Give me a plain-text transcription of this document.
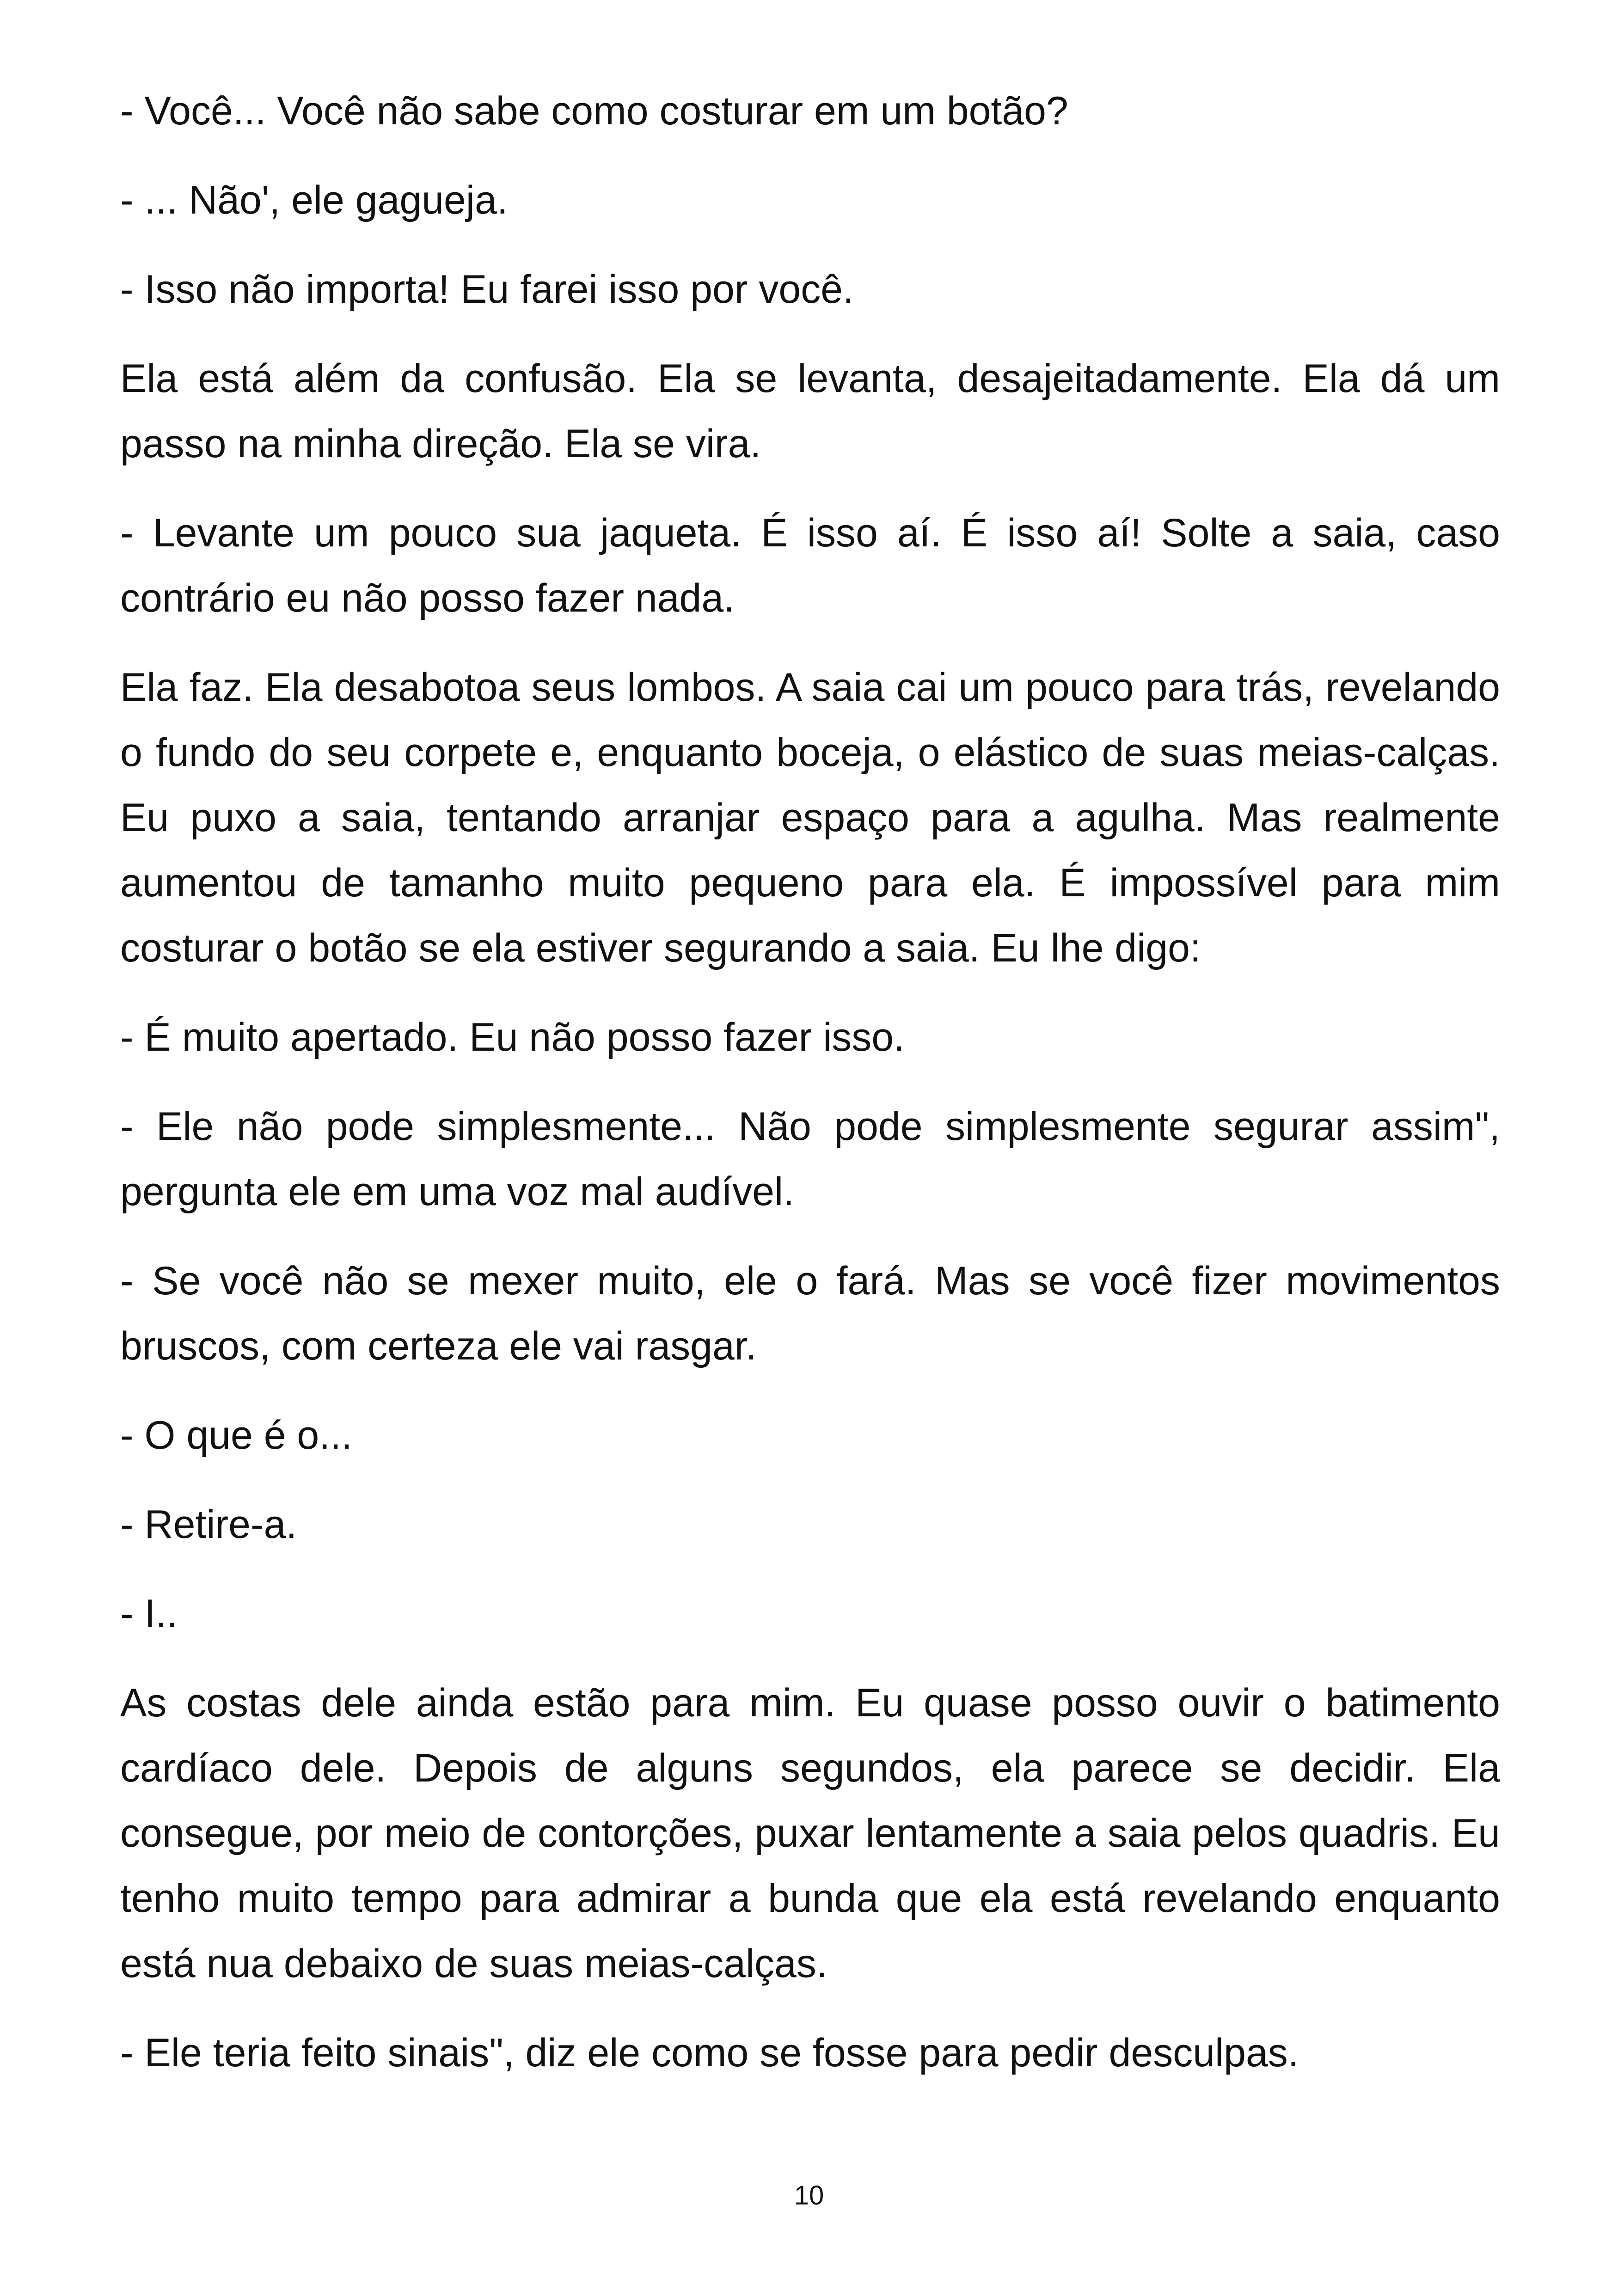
- Você... Você não sabe como costurar em um botão?

- ... Não', ele gagueja.

- Isso não importa! Eu farei isso por você.

Ela está além da confusão. Ela se levanta, desajeitadamente. Ela dá um passo na minha direção. Ela se vira.

- Levante um pouco sua jaqueta. É isso aí. É isso aí! Solte a saia, caso contrário eu não posso fazer nada.

Ela faz. Ela desabotoa seus lombos. A saia cai um pouco para trás, revelando o fundo do seu corpete e, enquanto boceja, o elástico de suas meias-calças. Eu puxo a saia, tentando arranjar espaço para a agulha. Mas realmente aumentou de tamanho muito pequeno para ela. É impossível para mim costurar o botão se ela estiver segurando a saia. Eu lhe digo:

- É muito apertado. Eu não posso fazer isso.

- Ele não pode simplesmente... Não pode simplesmente segurar assim", pergunta ele em uma voz mal audível.

- Se você não se mexer muito, ele o fará. Mas se você fizer movimentos bruscos, com certeza ele vai rasgar.

- O que é o...

- Retire-a.

- I..

As costas dele ainda estão para mim. Eu quase posso ouvir o batimento cardíaco dele. Depois de alguns segundos, ela parece se decidir. Ela consegue, por meio de contorções, puxar lentamente a saia pelos quadris. Eu tenho muito tempo para admirar a bunda que ela está revelando enquanto está nua debaixo de suas meias-calças.

- Ele teria feito sinais", diz ele como se fosse para pedir desculpas.

10
